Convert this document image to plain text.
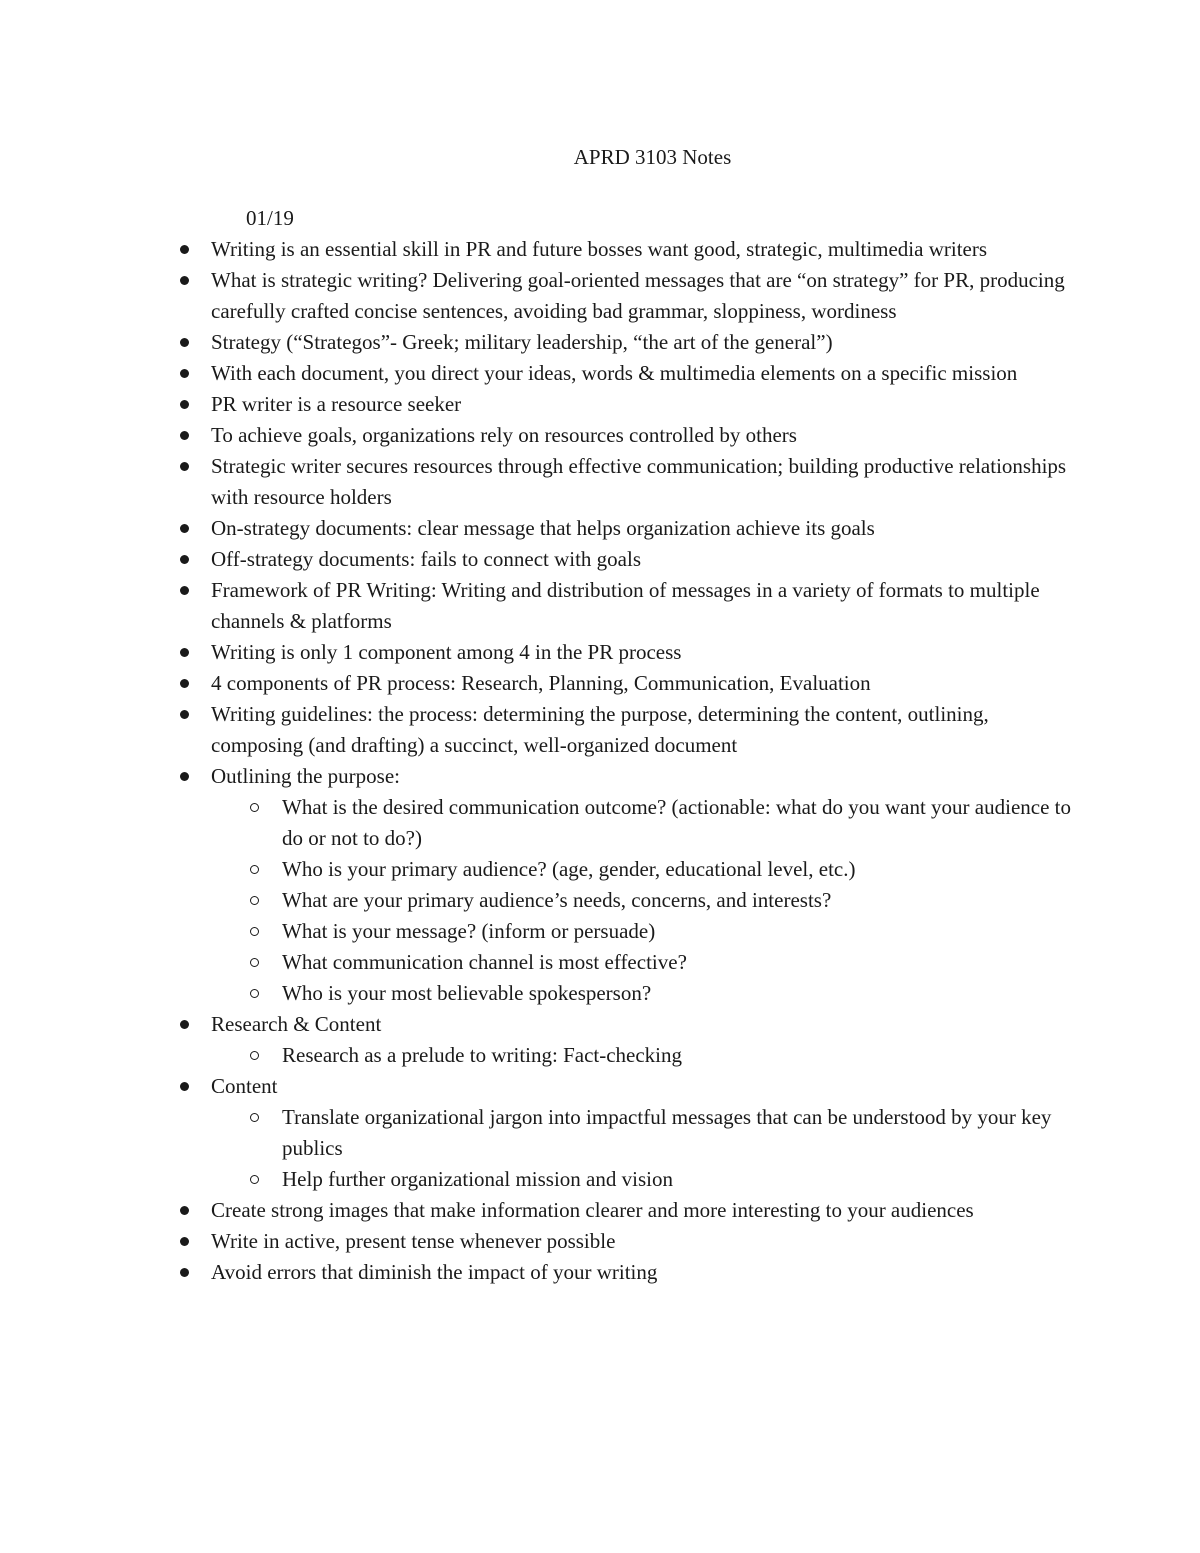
APRD 3103 Notes
01/19
Writing is an essential skill in PR and future bosses want good, strategic, multimedia writers
What is strategic writing? Delivering goal-oriented messages that are “on strategy” for PR, producing carefully crafted concise sentences, avoiding bad grammar, sloppiness, wordiness
Strategy (“Strategos”- Greek; military leadership, “the art of the general”)
With each document, you direct your ideas, words & multimedia elements on a specific mission
PR writer is a resource seeker
To achieve goals, organizations rely on resources controlled by others
Strategic writer secures resources through effective communication; building productive relationships with resource holders
On-strategy documents: clear message that helps organization achieve its goals
Off-strategy documents: fails to connect with goals
Framework of PR Writing: Writing and distribution of messages in a variety of formats to multiple channels & platforms
Writing is only 1 component among 4 in the PR process
4 components of PR process: Research, Planning, Communication, Evaluation
Writing guidelines: the process: determining the purpose, determining the content, outlining, composing (and drafting) a succinct, well-organized document
Outlining the purpose:
What is the desired communication outcome? (actionable: what do you want your audience to do or not to do?)
Who is your primary audience? (age, gender, educational level, etc.)
What are your primary audience’s needs, concerns, and interests?
What is your message? (inform or persuade)
What communication channel is most effective?
Who is your most believable spokesperson?
Research & Content
Research as a prelude to writing: Fact-checking
Content
Translate organizational jargon into impactful messages that can be understood by your key publics
Help further organizational mission and vision
Create strong images that make information clearer and more interesting to your audiences
Write in active, present tense whenever possible
Avoid errors that diminish the impact of your writing
